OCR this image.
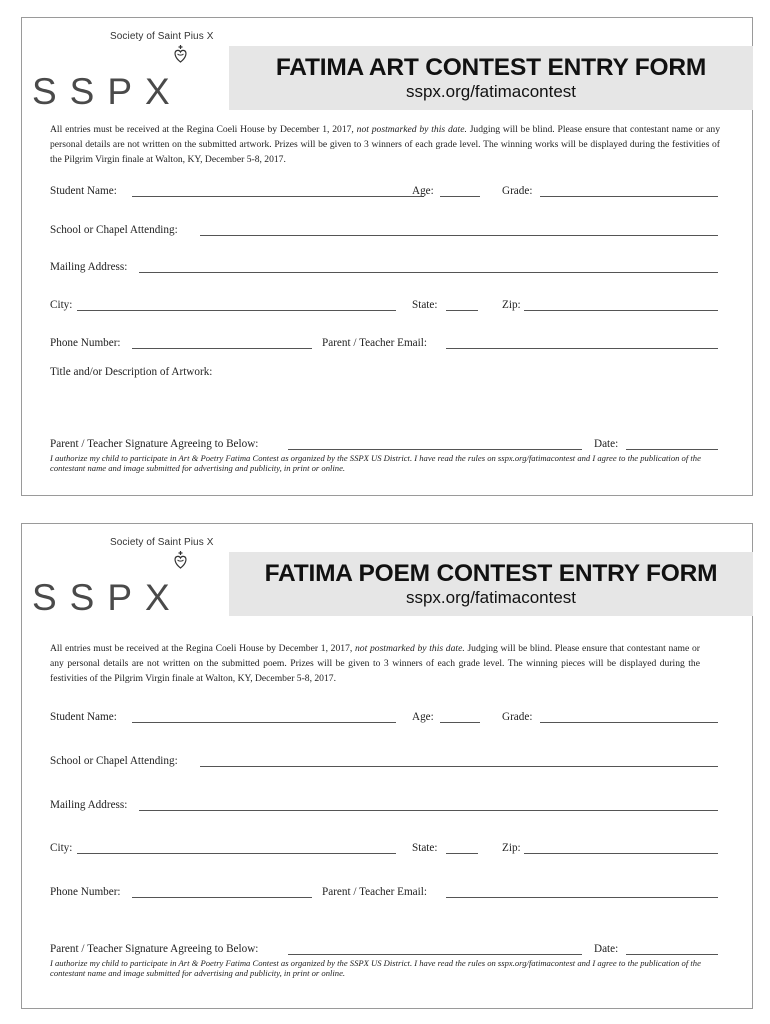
Society of Saint Pius X
SSPX
FATIMA ART CONTEST ENTRY FORM
sspx.org/fatimacontest
All entries must be received at the Regina Coeli House by December 1, 2017, not postmarked by this date. Judging will be blind. Please ensure that contestant name or any personal details are not written on the submitted artwork. Prizes will be given to 3 winners of each grade level. The winning works will be displayed during the festivities of the Pilgrim Virgin finale at Walton, KY, December 5-8, 2017.
Student Name:	Age:	Grade:
School or Chapel Attending:
Mailing Address:
City:	State:	Zip:
Phone Number:	Parent / Teacher Email:
Title and/or Description of Artwork:
Parent / Teacher Signature Agreeing to Below:	Date:
I authorize my child to participate in Art & Poetry Fatima Contest as organized by the SSPX US District. I have read the rules on sspx.org/fatimacontest and I agree to the publication of the contestant name and image submitted for advertising and publicity, in print or online.
Society of Saint Pius X
SSPX
FATIMA POEM CONTEST ENTRY FORM
sspx.org/fatimacontest
All entries must be received at the Regina Coeli House by December 1, 2017, not postmarked by this date. Judging will be blind. Please ensure that contestant name or any personal details are not written on the submitted poem. Prizes will be given to 3 winners of each grade level. The winning pieces will be displayed during the festivities of the Pilgrim Virgin finale at Walton, KY, December 5-8, 2017.
Student Name:	Age:	Grade:
School or Chapel Attending:
Mailing Address:
City:	State:	Zip:
Phone Number:	Parent / Teacher Email:
Parent / Teacher Signature Agreeing to Below:	Date:
I authorize my child to participate in Art & Poetry Fatima Contest as organized by the SSPX US District. I have read the rules on sspx.org/fatimacontest and I agree to the publication of the contestant name and image submitted for advertising and publicity, in print or online.
